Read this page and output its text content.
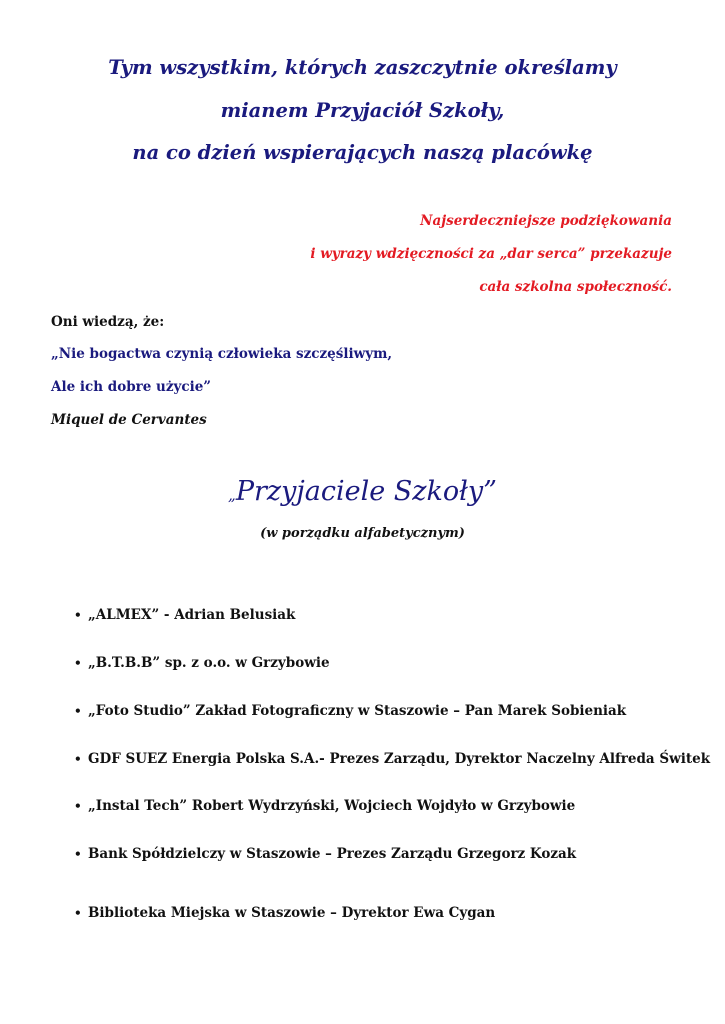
Tym wszystkim, których zaszczytnie określamy
mianem Przyjaciół Szkoły,
na co dzień wspierających naszą placówkę
Najserdeczniejsze podziękowania
i wyrazy wdzięczności za „dar serca” przekazuje
cała szkolna społeczność.
Oni wiedzą, że:
„Nie bogactwa czynią człowieka szczęśliwym,
Ale ich dobre użycie”
Miquel de Cervantes
„Przyjaciele Szkoły”
(w porządku alfabetycznym)
• „ALMEX” - Adrian Belusiak
• „B.T.B.B” sp. z o.o. w Grzybowie
• „Foto Studio” Zakład Fotograficzny w Staszowie – Pan Marek Sobieniak
• GDF SUEZ Energia Polska S.A.- Prezes Zarządu, Dyrektor Naczelny Alfreda Świtek
• „Instal Tech” Robert Wydrzyński, Wojciech Wojdyło w Grzybowie
• Bank Spółdzielczy w Staszowie – Prezes Zarządu Grzegorz Kozak
• Biblioteka Miejska w Staszowie – Dyrektor Ewa Cygan
